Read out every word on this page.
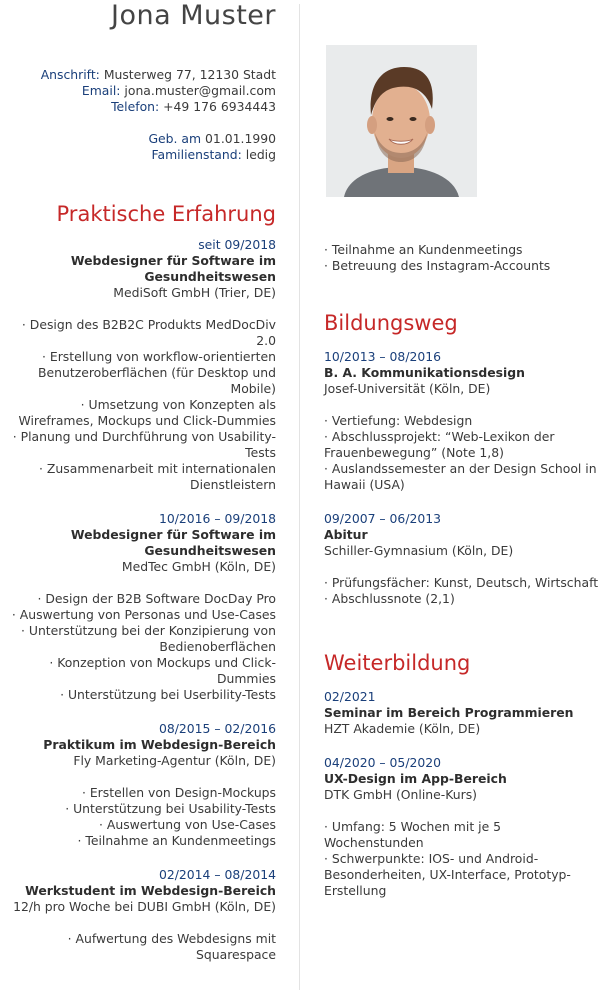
Jona Muster
Anschrift: Musterweg 77, 12130 Stadt
Email: jona.muster@gmail.com
Telefon: +49 176 6934443
Geb. am 01.01.1990
Familienstand: ledig
Praktische Erfahrung
seit 09/2018
Webdesigner für Software im
Gesundheitswesen
MediSoft GmbH (Trier, DE)
· Design des B2B2C Produkts MedDocDiv
2.0
· Erstellung von workflow-orientierten
Benutzeroberflächen (für Desktop und
Mobile)
· Umsetzung von Konzepten als
Wireframes, Mockups und Click-Dummies
· Planung und Durchführung von Usability-
Tests
· Zusammenarbeit mit internationalen
Dienstleistern
10/2016 – 09/2018
Webdesigner für Software im
Gesundheitswesen
MedTec GmbH (Köln, DE)
· Design der B2B Software DocDay Pro
· Auswertung von Personas und Use-Cases
· Unterstützung bei der Konzipierung von
Bedienoberflächen
· Konzeption von Mockups und Click-
Dummies
· Unterstützung bei Userbility-Tests
08/2015 – 02/2016
Praktikum im Webdesign-Bereich
Fly Marketing-Agentur (Köln, DE)
· Erstellen von Design-Mockups
· Unterstützung bei Usability-Tests
· Auswertung von Use-Cases
· Teilnahme an Kundenmeetings
02/2014 – 08/2014
Werkstudent im Webdesign-Bereich
12/h pro Woche bei DUBI GmbH (Köln, DE)
· Aufwertung des Webdesigns mit
Squarespace
· Teilnahme an Kundenmeetings
· Betreuung des Instagram-Accounts
Bildungsweg
10/2013 – 08/2016
B. A. Kommunikationsdesign
Josef-Universität (Köln, DE)
· Vertiefung: Webdesign
· Abschlussprojekt: “Web-Lexikon der
Frauenbewegung” (Note 1,8)
· Auslandssemester an der Design School in
Hawaii (USA)
09/2007 – 06/2013
Abitur
Schiller-Gymnasium (Köln, DE)
· Prüfungsfächer: Kunst, Deutsch, Wirtschaft
· Abschlussnote (2,1)
Weiterbildung
02/2021
Seminar im Bereich Programmieren
HZT Akademie (Köln, DE)
04/2020 – 05/2020
UX-Design im App-Bereich
DTK GmbH (Online-Kurs)
· Umfang: 5 Wochen mit je 5
Wochenstunden
· Schwerpunkte: IOS- und Android-
Besonderheiten, UX-Interface, Prototyp-
Erstellung
